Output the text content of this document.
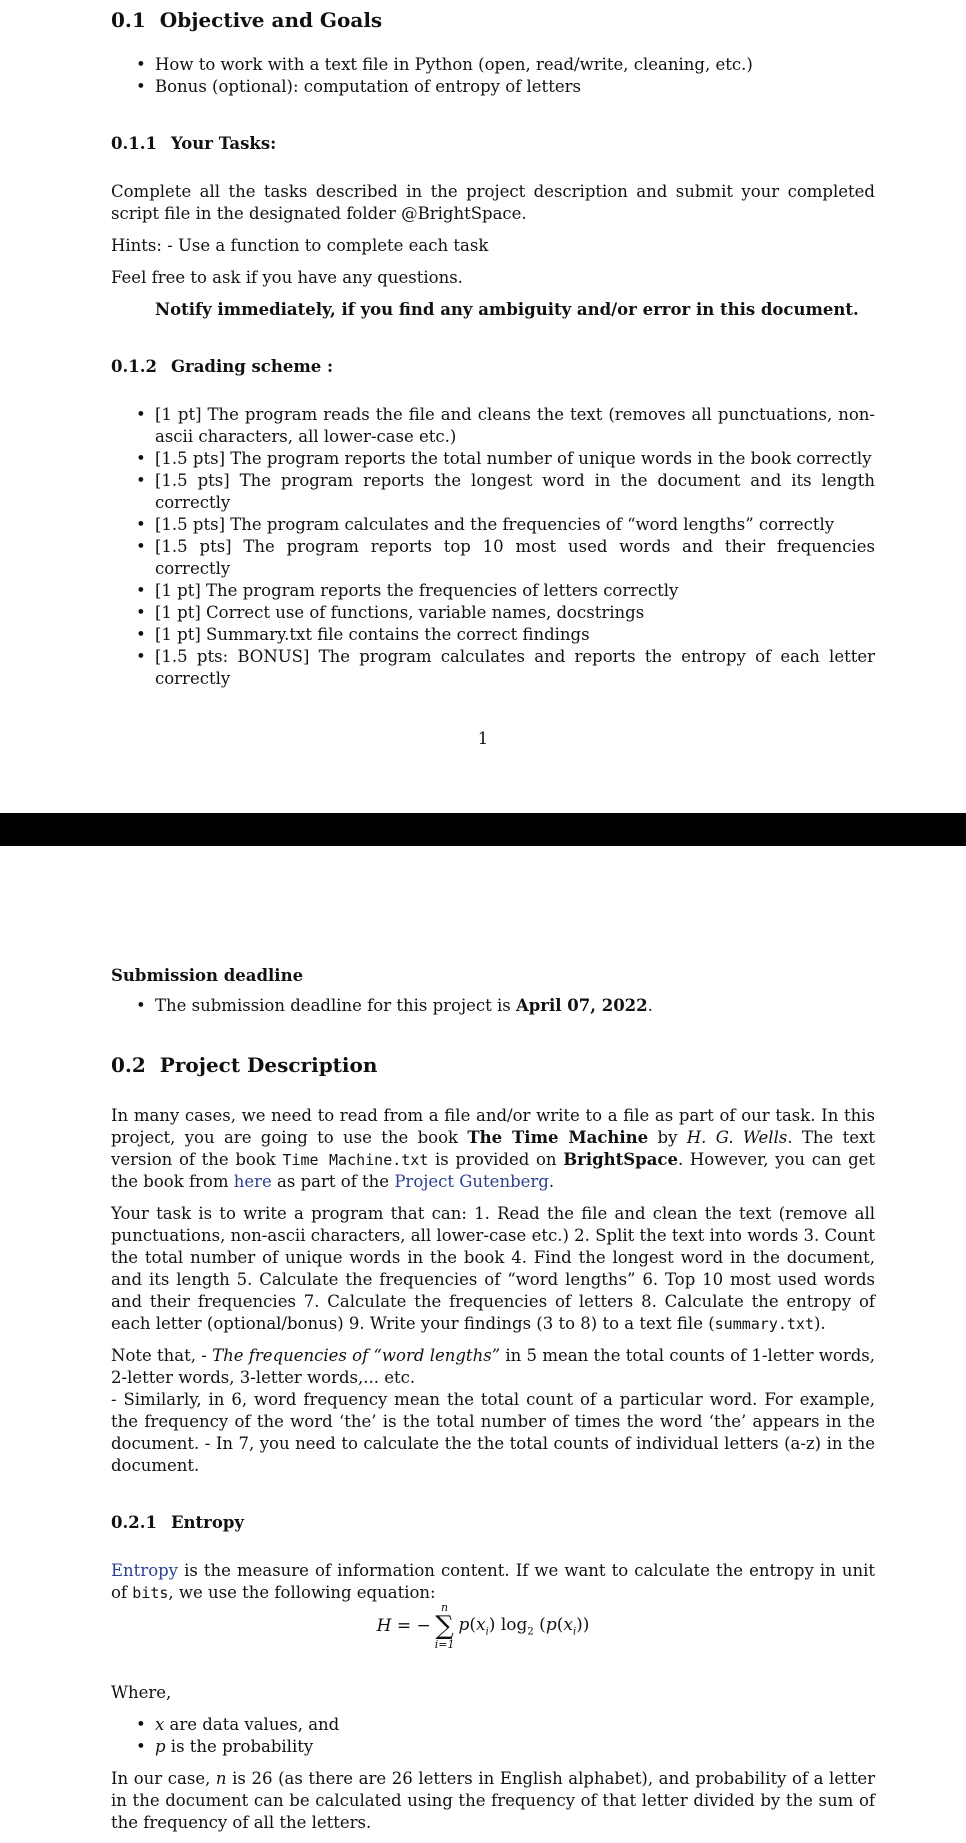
0.1 Objective and Goals
• How to work with a text file in Python (open, read/write, cleaning, etc.)
• Bonus (optional): computation of entropy of letters
0.1.1 Your Tasks:

Complete all the tasks described in the project description and submit your completed script file in the designated folder @BrightSpace.

Hints: - Use a function to complete each task

Feel free to ask if you have any questions.

Notify immediately, if you find any ambiguity and/or error in this document.

0.1.2 Grading scheme :
• [1 pt] The program reads the file and cleans the text (removes all punctuations, non-ascii characters, all lower-case etc.)
• [1.5 pts] The program reports the total number of unique words in the book correctly
• [1.5 pts] The program reports the longest word in the document and its length correctly
• [1.5 pts] The program calculates and the frequencies of “word lengths” correctly
• [1.5 pts] The program reports top 10 most used words and their frequencies correctly
• [1 pt] The program reports the frequencies of letters correctly
• [1 pt] Correct use of functions, variable names, docstrings
• [1 pt] Summary.txt file contains the correct findings
• [1.5 pts: BONUS] The program calculates and reports the entropy of each letter correctly
1
Submission deadline
• The submission deadline for this project is April 07, 2022.
0.2 Project Description

In many cases, we need to read from a file and/or write to a file as part of our task. In this project, you are going to use the book The Time Machine by H. G. Wells. The text version of the book Time Machine.txt is provided on BrightSpace. However, you can get the book from here as part of the Project Gutenberg.

Your task is to write a program that can: 1. Read the file and clean the text (remove all punctuations, non-ascii characters, all lower-case etc.) 2. Split the text into words 3. Count the total number of unique words in the book 4. Find the longest word in the document, and its length 5. Calculate the frequencies of “word lengths” 6. Top 10 most used words and their frequencies 7. Calculate the frequencies of letters 8. Calculate the entropy of each letter (optional/bonus) 9. Write your findings (3 to 8) to a text file (summary.txt).

Note that, - The frequencies of “word lengths” in 5 mean the total counts of 1-letter words, 2-letter words, 3-letter words,... etc.

- Similarly, in 6, word frequency mean the total count of a particular word. For example, the frequency of the word ‘the’ is the total number of times the word ‘the’ appears in the document. - In 7, you need to calculate the the total counts of individual letters (a-z) in the document.

0.2.1 Entropy

Entropy is the measure of information content. If we want to calculate the entropy in unit of bits, we use the following equation:

H = −
n
∑
i=1
$p(x_i)$ $\log_2 (p(x_i))$

Where,

• x are data values, and
• p is the probability

In our case, n is 26 (as there are 26 letters in English alphabet), and probability of a letter in the document can be calculated using the frequency of that letter divided by the sum of the frequency of all the letters.
